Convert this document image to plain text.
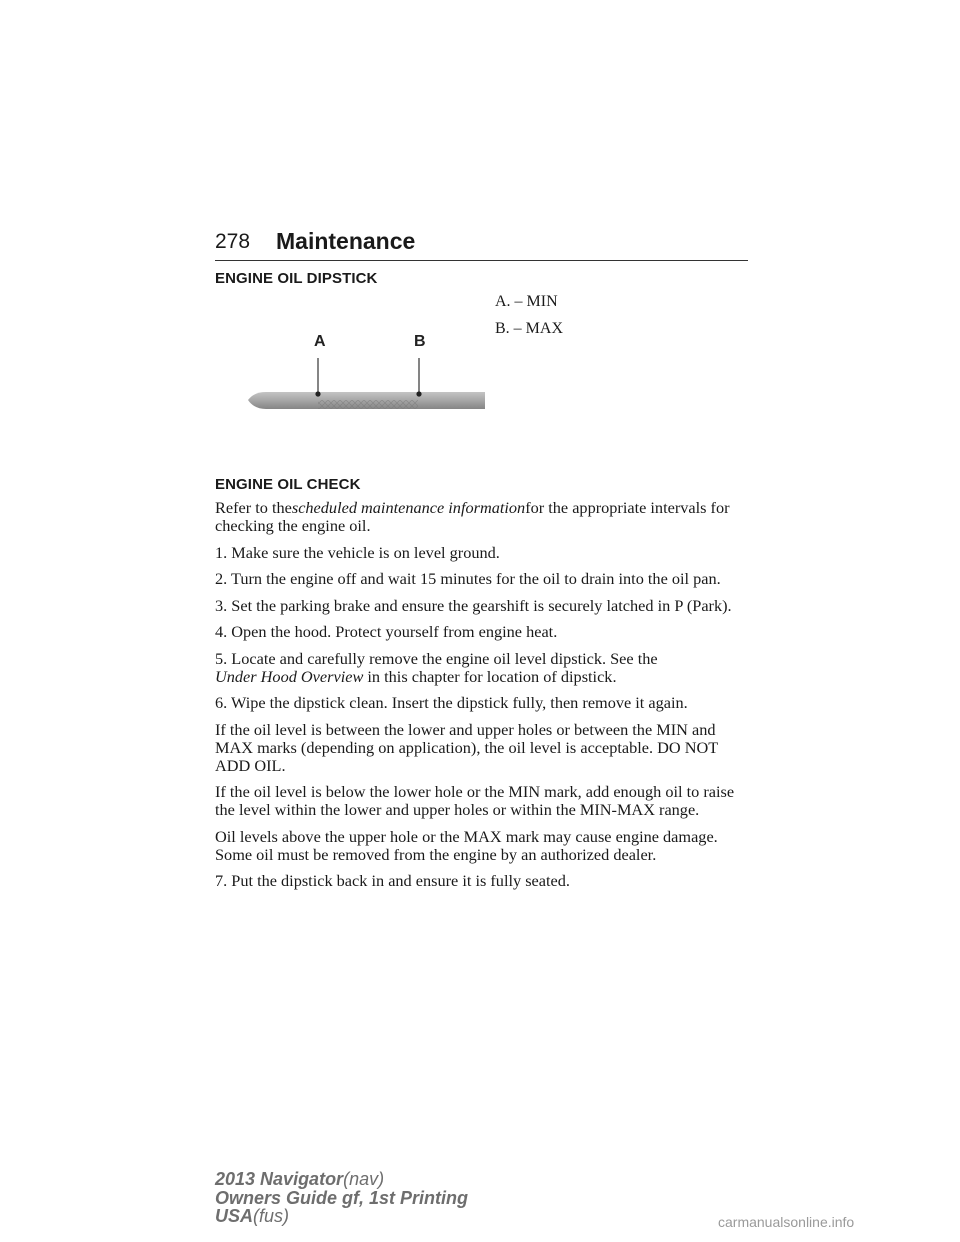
278 Maintenance
ENGINE OIL DIPSTICK
A. – MIN
B. – MAX
A	B
ENGINE OIL CHECK

Refer to thescheduled maintenance informationfor the appropriate intervals for checking the engine oil.

1. Make sure the vehicle is on level ground.

2. Turn the engine off and wait 15 minutes for the oil to drain into the oil pan.

3. Set the parking brake and ensure the gearshift is securely latched in P (Park).

4. Open the hood. Protect yourself from engine heat.

5. Locate and carefully remove the engine oil level dipstick. See the
Under Hood Overview in this chapter for location of dipstick.

6. Wipe the dipstick clean. Insert the dipstick fully, then remove it again.

If the oil level is between the lower and upper holes or between the MIN and MAX marks (depending on application), the oil level is acceptable. DO NOT ADD OIL.

If the oil level is below the lower hole or the MIN mark, add enough oil to raise the level within the lower and upper holes or within the MIN-MAX range.

Oil levels above the upper hole or the MAX mark may cause engine damage. Some oil must be removed from the engine by an authorized dealer.

7. Put the dipstick back in and ensure it is fully seated.

2013 Navigator(nav)
Owners Guide gf, 1st Printing
USA(fus)	carmanualsonline.info
